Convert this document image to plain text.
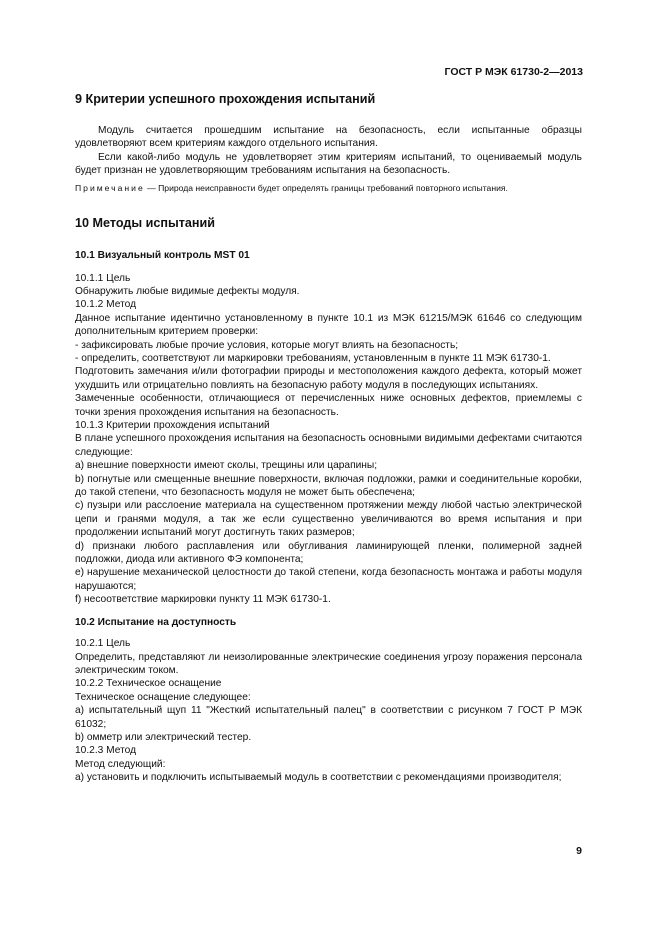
ГОСТ Р МЭК 61730-2—2013
9 Критерии успешного прохождения испытаний

Модуль считается прошедшим испытание на безопасность, если испытанные образцы удовлетворяют всем критериям каждого отдельного испытания.

Если какой-либо модуль не удовлетворяет этим критериям испытаний, то оцениваемый модуль будет признан не удовлетворяющим требованиям испытания на безопасность.

Примечание — Природа неисправности будет определять границы требований повторного испытания.

10 Методы испытаний
10.1 Визуальный контроль MST 01

10.1.1 Цель

Обнаружить любые видимые дефекты модуля.

10.1.2 Метод

Данное испытание идентично установленному в пункте 10.1 из МЭК 61215/МЭК 61646 со следующим дополнительным критерием проверки:

- зафиксировать любые прочие условия, которые могут влиять на безопасность;

- определить, соответствуют ли маркировки требованиям, установленным в пункте 11 МЭК 61730-1.

Подготовить замечания и/или фотографии природы и местоположения каждого дефекта, который может ухудшить или отрицательно повлиять на безопасную работу модуля в последующих испытаниях.

Замеченные особенности, отличающиеся от перечисленных ниже основных дефектов, приемлемы с точки зрения прохождения испытания на безопасность.

10.1.3 Критерии прохождения испытаний

В плане успешного прохождения испытания на безопасность основными видимыми дефектами считаются следующие:

а) внешние поверхности имеют сколы, трещины или царапины;

b) погнутые или смещенные внешние поверхности, включая подложки, рамки и соединительные коробки, до такой степени, что безопасность модуля не может быть обеспечена;

с) пузыри или расслоение материала на существенном протяжении между любой частью электрической цепи и гранями модуля, а так же если существенно увеличиваются во время испытания и при продолжении испытаний могут достигнуть таких размеров;

d) признаки любого расплавления или обугливания ламинирующей пленки, полимерной задней подложки, диода или активного ФЭ компонента;

е) нарушение механической целостности до такой степени, когда безопасность монтажа и работы модуля нарушаются;

f) несоответствие маркировки пункту 11 МЭК 61730-1.

10.2 Испытание на доступность

10.2.1 Цель

Определить, представляют ли неизолированные электрические соединения угрозу поражения персонала электрическим током.

10.2.2 Техническое оснащение

Техническое оснащение следующее:

а) испытательный щуп 11 "Жесткий испытательный палец" в соответствии с рисунком 7 ГОСТ Р МЭК 61032;

b) омметр или электрический тестер.

10.2.3 Метод

Метод следующий:

а) установить и подключить испытываемый модуль в соответствии с рекомендациями производителя;

9
